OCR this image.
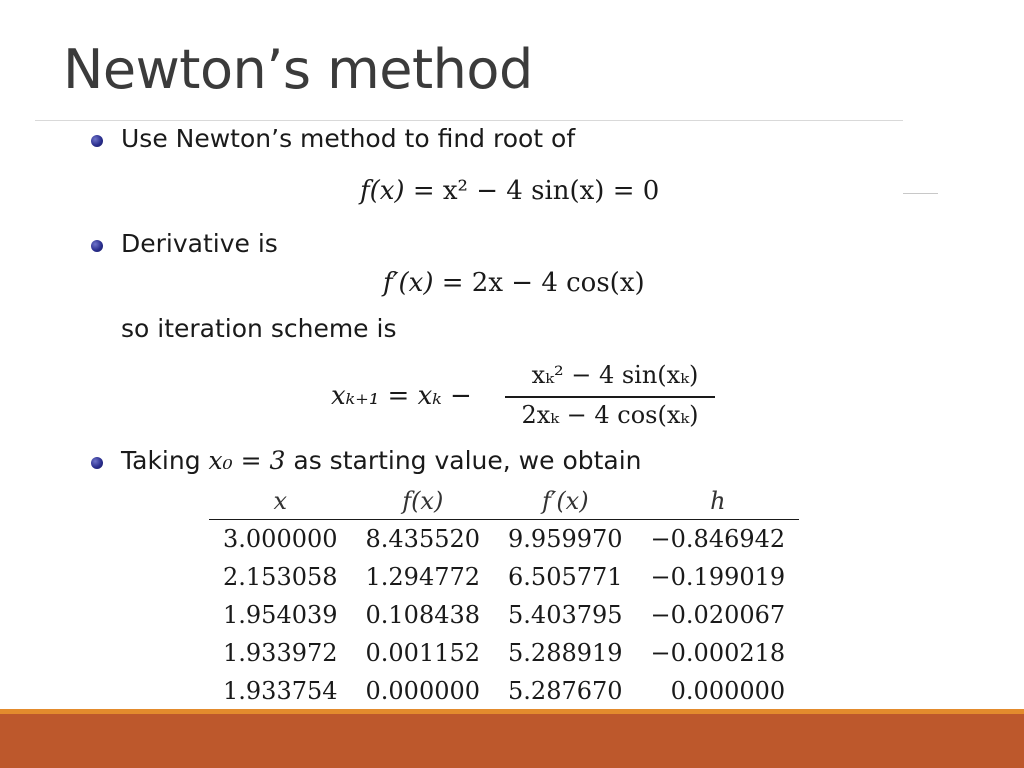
Newton’s method
Use Newton’s method to find root of
f(x) = x² − 4 sin(x) = 0
Derivative is
f′(x) = 2x − 4 cos(x)
so iteration scheme is
xₖ₊₁ = xₖ −
xₖ² − 4 sin(xₖ)
2xₖ − 4 cos(xₖ)
Taking x₀ = 3 as starting value, we obtain
x	f(x)	f′(x)	h
3.000000	8.435520	9.959970	−0.846942
2.153058	1.294772	6.505771	−0.199019
1.954039	0.108438	5.403795	−0.020067
1.933972	0.001152	5.288919	−0.000218
1.933754	0.000000	5.287670	0.000000
